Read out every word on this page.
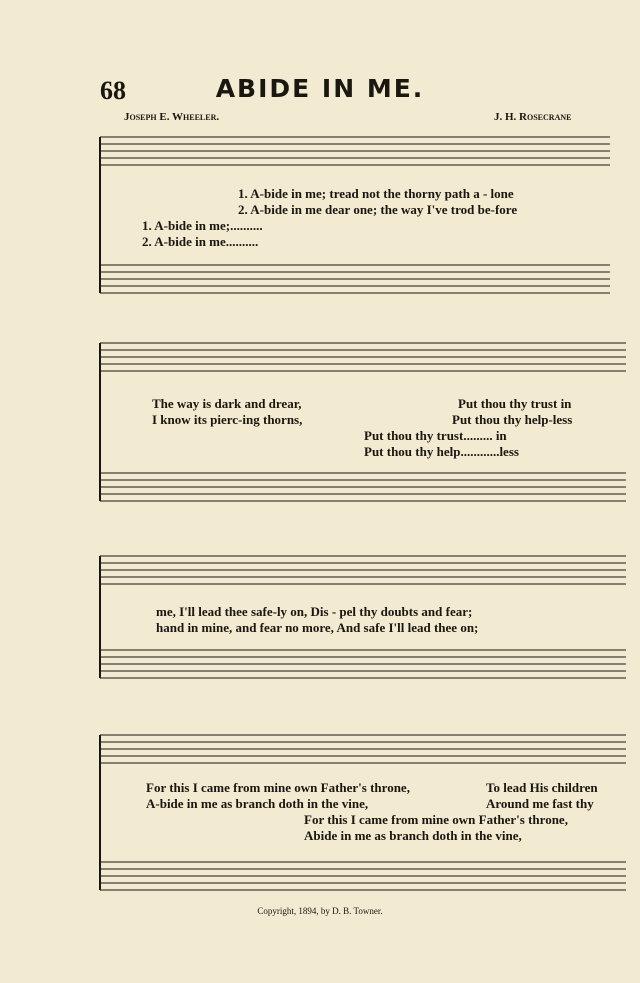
68	ABIDE IN ME.
Joseph E. Wheeler.	J. H. Rosecrane
1. A-bide in me; tread not the thorny path a - lone
2. A-bide in me dear one; the way I've trod be-fore
1. A-bide in me;..........
2. A-bide in me..........
The way is dark and drear,	Put thou thy trust in
I know its pierc-ing thorns,	Put thou thy help-less
Put thou thy trust......... in
Put thou thy help............less
me, I'll lead thee safe-ly on, Dis - pel thy doubts and fear;
hand in mine, and fear no more, And safe I'll lead thee on;
For this I came from mine own Father's throne,	To lead His children
A-bide in me as branch doth in the vine,	Around me fast thy
For this I came from mine own Father's throne,
Abide in me as branch doth in the vine,
Copyright, 1894, by D. B. Towner.
